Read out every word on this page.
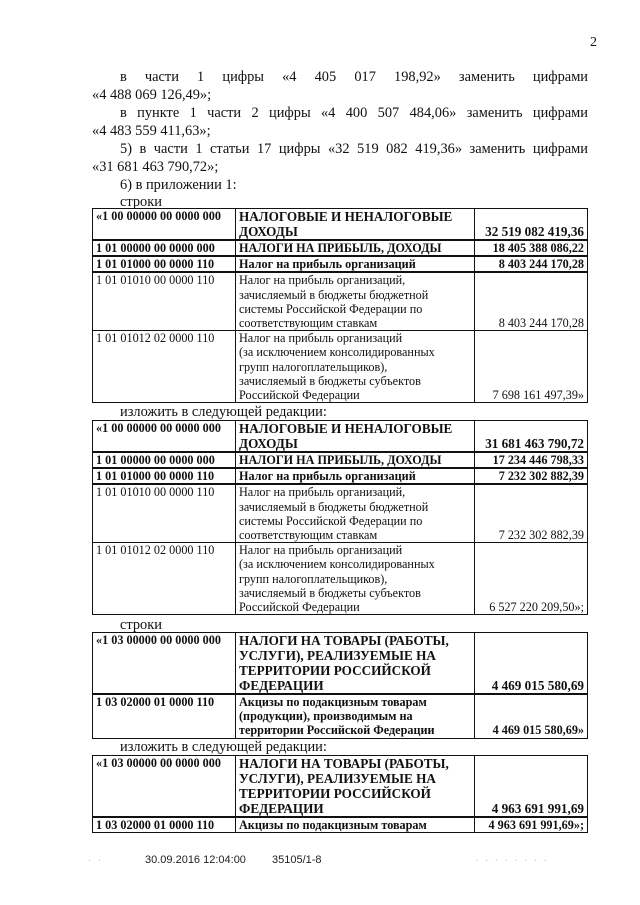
2
в части 1 цифры «4 405 017 198,92» заменить цифрами
«4 488 069 126,49»;
в пункте 1 части 2 цифры «4 400 507 484,06» заменить цифрами
«4 483 559 411,63»;
5) в части 1 статьи 17 цифры «32 519 082 419,36» заменить цифрами
«31 681 463 790,72»;
6) в приложении 1:
строки
«1 00 00000 00 0000 000	НАЛОГОВЫЕ И НЕНАЛОГОВЫЕ
ДОХОДЫ	32 519 082 419,36
1 01 00000 00 0000 000	НАЛОГИ НА ПРИБЫЛЬ, ДОХОДЫ	18 405 388 086,22
1 01 01000 00 0000 110	Налог на прибыль организаций	8 403 244 170,28
1 01 01010 00 0000 110	Налог на прибыль организаций,
зачисляемый в бюджеты бюджетной
системы Российской Федерации по
соответствующим ставкам	8 403 244 170,28
1 01 01012 02 0000 110	Налог на прибыль организаций
(за исключением консолидированных
групп налогоплательщиков),
зачисляемый в бюджеты субъектов
Российской Федерации	7 698 161 497,39»
изложить в следующей редакции:
«1 00 00000 00 0000 000	НАЛОГОВЫЕ И НЕНАЛОГОВЫЕ
ДОХОДЫ	31 681 463 790,72
1 01 00000 00 0000 000	НАЛОГИ НА ПРИБЫЛЬ, ДОХОДЫ	17 234 446 798,33
1 01 01000 00 0000 110	Налог на прибыль организаций	7 232 302 882,39
1 01 01010 00 0000 110	Налог на прибыль организаций,
зачисляемый в бюджеты бюджетной
системы Российской Федерации по
соответствующим ставкам	7 232 302 882,39
1 01 01012 02 0000 110	Налог на прибыль организаций
(за исключением консолидированных
групп налогоплательщиков),
зачисляемый в бюджеты субъектов
Российской Федерации	6 527 220 209,50»;
строки
«1 03 00000 00 0000 000	НАЛОГИ НА ТОВАРЫ (РАБОТЫ,
УСЛУГИ), РЕАЛИЗУЕМЫЕ НА
ТЕРРИТОРИИ РОССИЙСКОЙ
ФЕДЕРАЦИИ	4 469 015 580,69
1 03 02000 01 0000 110	Акцизы по подакцизным товарам
(продукции), производимым на
территории Российской Федерации	4 469 015 580,69»
изложить в следующей редакции:
«1 03 00000 00 0000 000	НАЛОГИ НА ТОВАРЫ (РАБОТЫ,
УСЛУГИ), РЕАЛИЗУЕМЫЕ НА
ТЕРРИТОРИИ РОССИЙСКОЙ
ФЕДЕРАЦИИ	4 963 691 991,69
1 03 02000 01 0000 110	Акцизы по подакцизным товарам	4 963 691 991,69»;
· ·	30.09.2016 12:04:00 35105/1-8	· · · · · · · ·
